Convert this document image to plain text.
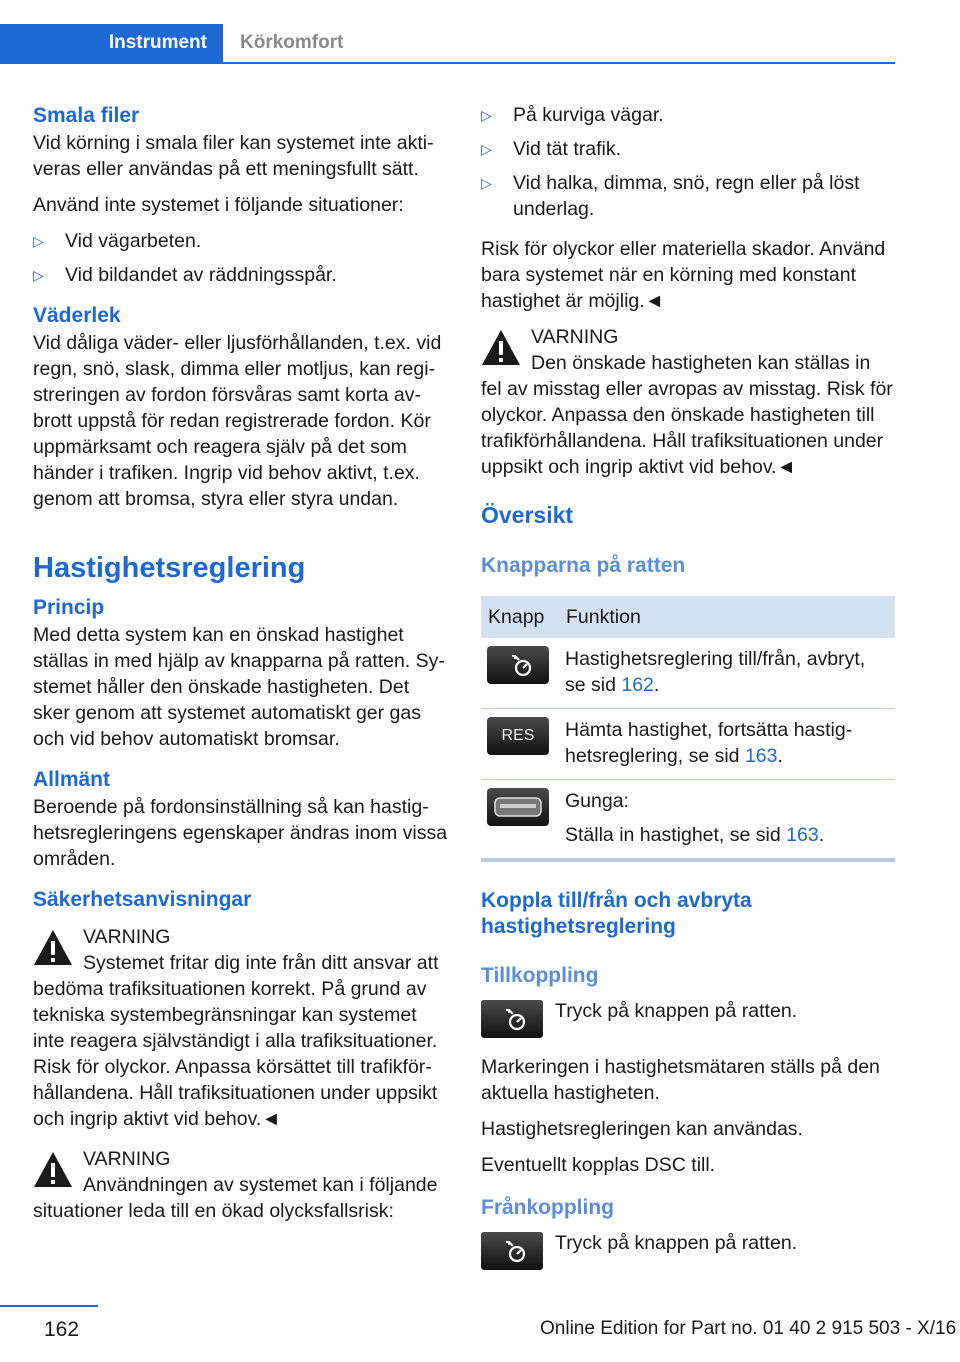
Instrument	Körkomfort
Smala filer

Vid körning i smala filer kan systemet inte aktiveras eller användas på ett meningsfullt sätt.

Använd inte systemet i följande situationer:

▷ Vid vägarbeten.
▷ Vid bildandet av räddningsspår.
Väderlek

Vid dåliga väder- eller ljusförhållanden, t.ex. vid regn, snö, slask, dimma eller motljus, kan registreringen av fordon försvåras samt korta avbrott uppstå för redan registrerade fordon. Kör uppmärksamt och reagera själv på det som händer i trafiken. Ingrip vid behov aktivt, t.ex. genom att bromsa, styra eller styra undan.

Hastighetsreglering
Princip

Med detta system kan en önskad hastighet ställas in med hjälp av knapparna på ratten. Systemet håller den önskade hastigheten. Det sker genom att systemet automatiskt ger gas och vid behov automatiskt bromsar.

Allmänt

Beroende på fordonsinställning så kan hastighetsregleringens egenskaper ändras inom vissa områden.

Säkerhetsanvisningar
VARNING
Systemet fritar dig inte från ditt ansvar att bedöma trafiksituationen korrekt. På grund av tekniska systembegränsningar kan systemet inte reagera självständigt i alla trafiksituationer. Risk för olyckor. Anpassa körsättet till trafikförhållandena. Håll trafiksituationen under uppsikt och ingrip aktivt vid behov.◄
VARNING
Användningen av systemet kan i följande situationer leda till en ökad olycksfallsrisk:
▷ På kurviga vägar.
▷ Vid tät trafik.
▷ Vid halka, dimma, snö, regn eller på löst underlag.

Risk för olyckor eller materiella skador. Använd bara systemet när en körning med konstant hastighet är möjlig.◄

VARNING
Den önskade hastigheten kan ställas in fel av misstag eller avropas av misstag. Risk för olyckor. Anpassa den önskade hastigheten till trafikförhållandena. Håll trafiksituationen under uppsikt och ingrip aktivt vid behov.◄
Översikt
Knapparna på ratten
Knapp	Funktion

	Hastighetsreglering till/från, avbryt, se sid 162.

RES	Hämta hastighet, fortsätta hastighetsreglering, se sid 163.

Gunga:
Ställa in hastighet, se sid 163.
Koppla till/från och avbryta hastighetsreglering
Tillkoppling
Tryck på knappen på ratten.

Markeringen i hastighetsmätaren ställs på den aktuella hastigheten.

Hastighetsregleringen kan användas.

Eventuellt kopplas DSC till.

Frånkoppling
Tryck på knappen på ratten.
162	Online Edition for Part no. 01 40 2 915 503 - X/16
